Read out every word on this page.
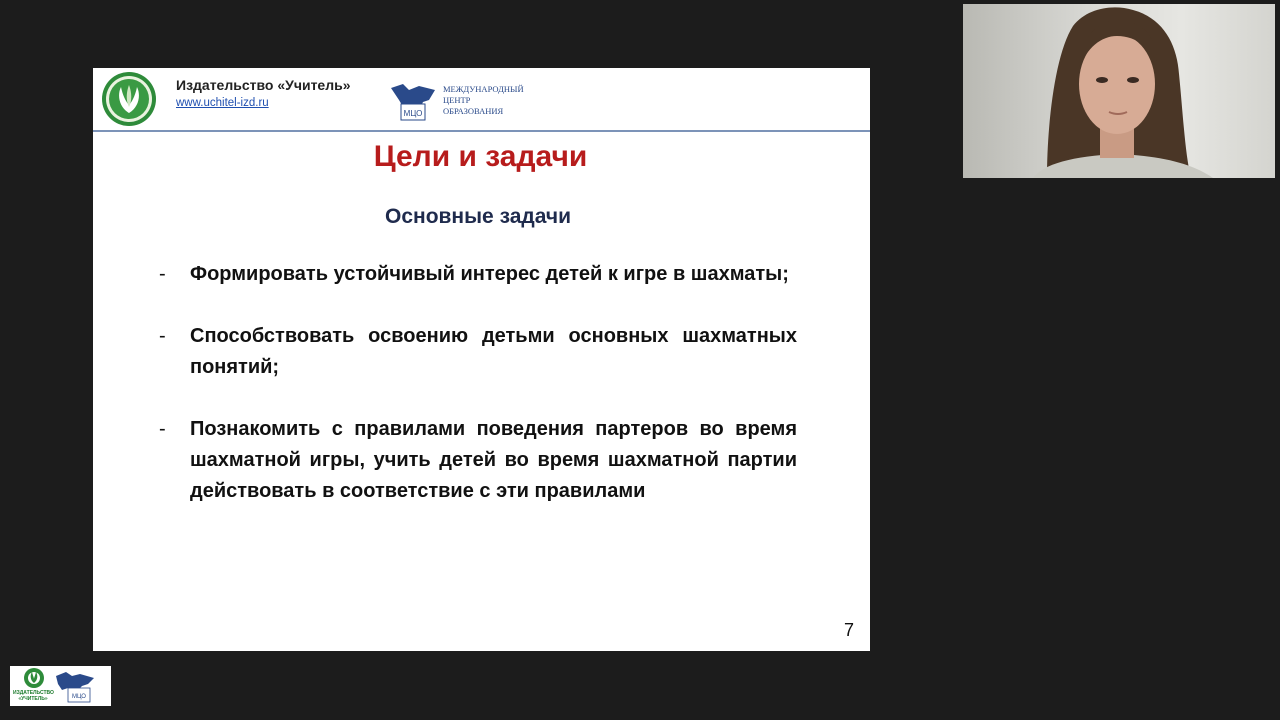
Издательство «Учитель»
www.uchitel-izd.ru
МЦО
МЕЖДУНАРОДНЫЙ
ЦЕНТР
ОБРАЗОВАНИЯ
Цели и задачи
Основные задачи
- Формировать устойчивый интерес детей к игре в шахматы;
- Способствовать освоению детьми основных шахматных понятий;
- Познакомить с правилами поведения партеров во время шахматной игры, учить детей во время шахматной партии действовать в соответствие с эти правилами
7
МЦО
ИЗДАТЕЛЬСТВО
«УЧИТЕЛЬ»
